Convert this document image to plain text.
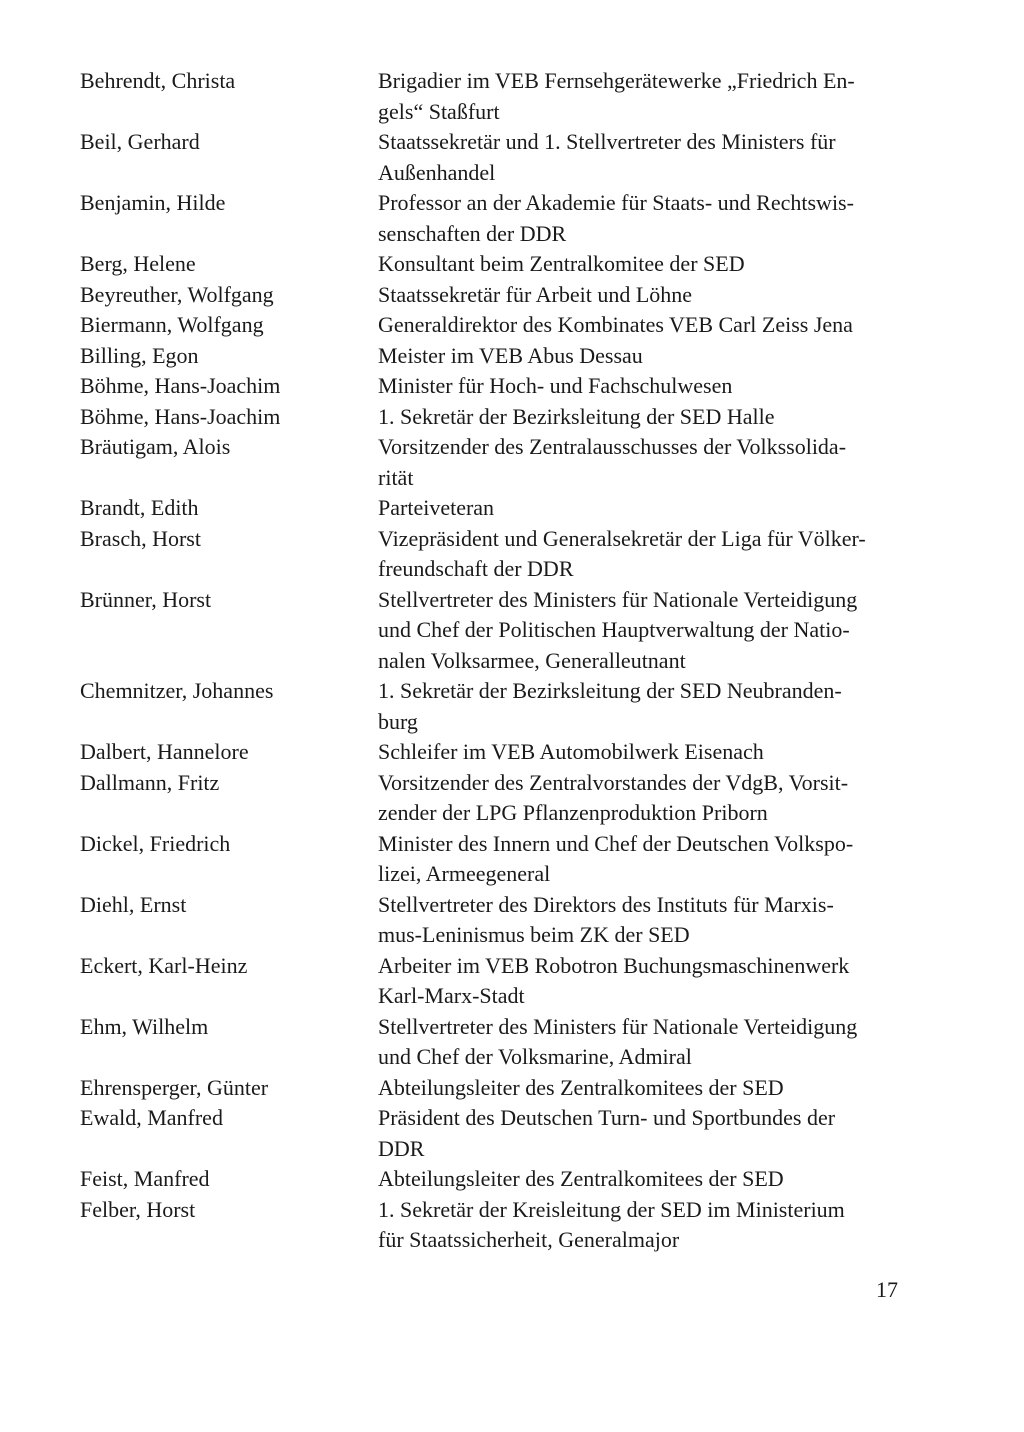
Behrendt, Christa	Brigadier im VEB Fernsehgerätewerke „Friedrich En-
gels“ Staßfurt
Beil, Gerhard	Staatssekretär und 1. Stellvertreter des Ministers für
Außenhandel
Benjamin, Hilde	Professor an der Akademie für Staats- und Rechtswis-
senschaften der DDR
Berg, Helene	Konsultant beim Zentralkomitee der SED
Beyreuther, Wolfgang	Staatssekretär für Arbeit und Löhne
Biermann, Wolfgang	Generaldirektor des Kombinates VEB Carl Zeiss Jena
Billing, Egon	Meister im VEB Abus Dessau
Böhme, Hans-Joachim	Minister für Hoch- und Fachschulwesen
Böhme, Hans-Joachim	1. Sekretär der Bezirksleitung der SED Halle
Bräutigam, Alois	Vorsitzender des Zentralausschusses der Volkssolida-
rität
Brandt, Edith	Parteiveteran
Brasch, Horst	Vizepräsident und Generalsekretär der Liga für Völker-
freundschaft der DDR
Brünner, Horst	Stellvertreter des Ministers für Nationale Verteidigung
und Chef der Politischen Hauptverwaltung der Natio-
nalen Volksarmee, Generalleutnant
Chemnitzer, Johannes	1. Sekretär der Bezirksleitung der SED Neubranden-
burg
Dalbert, Hannelore	Schleifer im VEB Automobilwerk Eisenach
Dallmann, Fritz	Vorsitzender des Zentralvorstandes der VdgB, Vorsit-
zender der LPG Pflanzenproduktion Priborn
Dickel, Friedrich	Minister des Innern und Chef der Deutschen Volkspo-
lizei, Armeegeneral
Diehl, Ernst	Stellvertreter des Direktors des Instituts für Marxis-
mus-Leninismus beim ZK der SED
Eckert, Karl-Heinz	Arbeiter im VEB Robotron Buchungsmaschinenwerk
Karl-Marx-Stadt
Ehm, Wilhelm	Stellvertreter des Ministers für Nationale Verteidigung
und Chef der Volksmarine, Admiral
Ehrensperger, Günter	Abteilungsleiter des Zentralkomitees der SED
Ewald, Manfred	Präsident des Deutschen Turn- und Sportbundes der
DDR
Feist, Manfred	Abteilungsleiter des Zentralkomitees der SED
Felber, Horst	1. Sekretär der Kreisleitung der SED im Ministerium
für Staatssicherheit, Generalmajor
17
